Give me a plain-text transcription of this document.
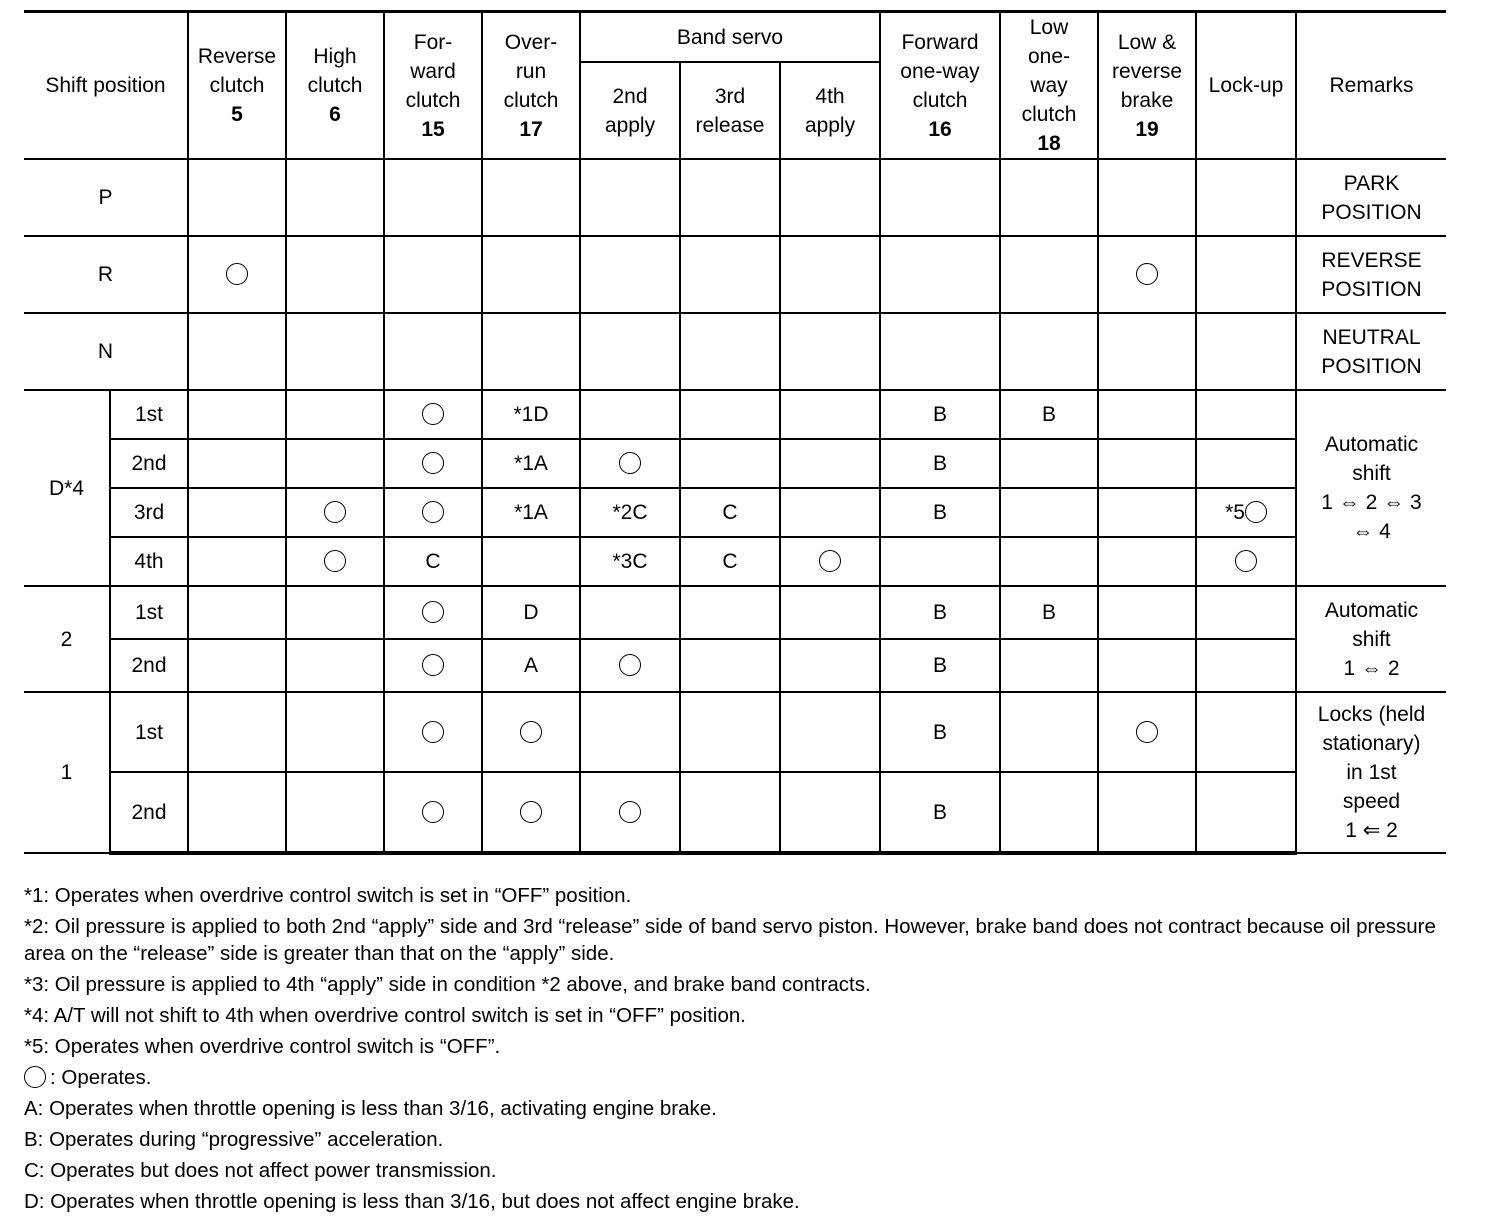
Shift position		Reverse
clutch
5	High
clutch
6	For-
ward
clutch
15	Over-
run
clutch
17	Band servo			Forward
one-way
clutch
16	Low
one-
way
clutch
18	Low &
reverse
brake
19	Lock-up	Remarks
						2nd
apply	3rd
release	4th
apply					
P													PARK
POSITION
R													REVERSE
POSITION
N													NEUTRAL
POSITION
D*4	1st				*1D				B	B			Automatic
shift
1 ⇔ 2 ⇔ 3
⇔ 4
	2nd				*1A				B				
	3rd				*1A	*2C	C		B			*5	
	4th			C		*3C	C						
2	1st				D				B	B			Automatic
shift
1 ⇔ 2
	2nd				A				B				
1	1st								B				Locks (held
stationary)
in 1st
speed
1 ⇐ 2
	2nd								B				
*1: Operates when overdrive control switch is set in “OFF” position.
*2: Oil pressure is applied to both 2nd “apply” side and 3rd “release” side of band servo piston. However, brake band does not contract because oil pressure area on the “release” side is greater than that on the “apply” side.
*3: Oil pressure is applied to 4th “apply” side in condition *2 above, and brake band contracts.
*4: A/T will not shift to 4th when overdrive control switch is set in “OFF” position.
*5: Operates when overdrive control switch is “OFF”.
: Operates.
A: Operates when throttle opening is less than 3/16, activating engine brake.
B: Operates during “progressive” acceleration.
C: Operates but does not affect power transmission.
D: Operates when throttle opening is less than 3/16, but does not affect engine brake.
